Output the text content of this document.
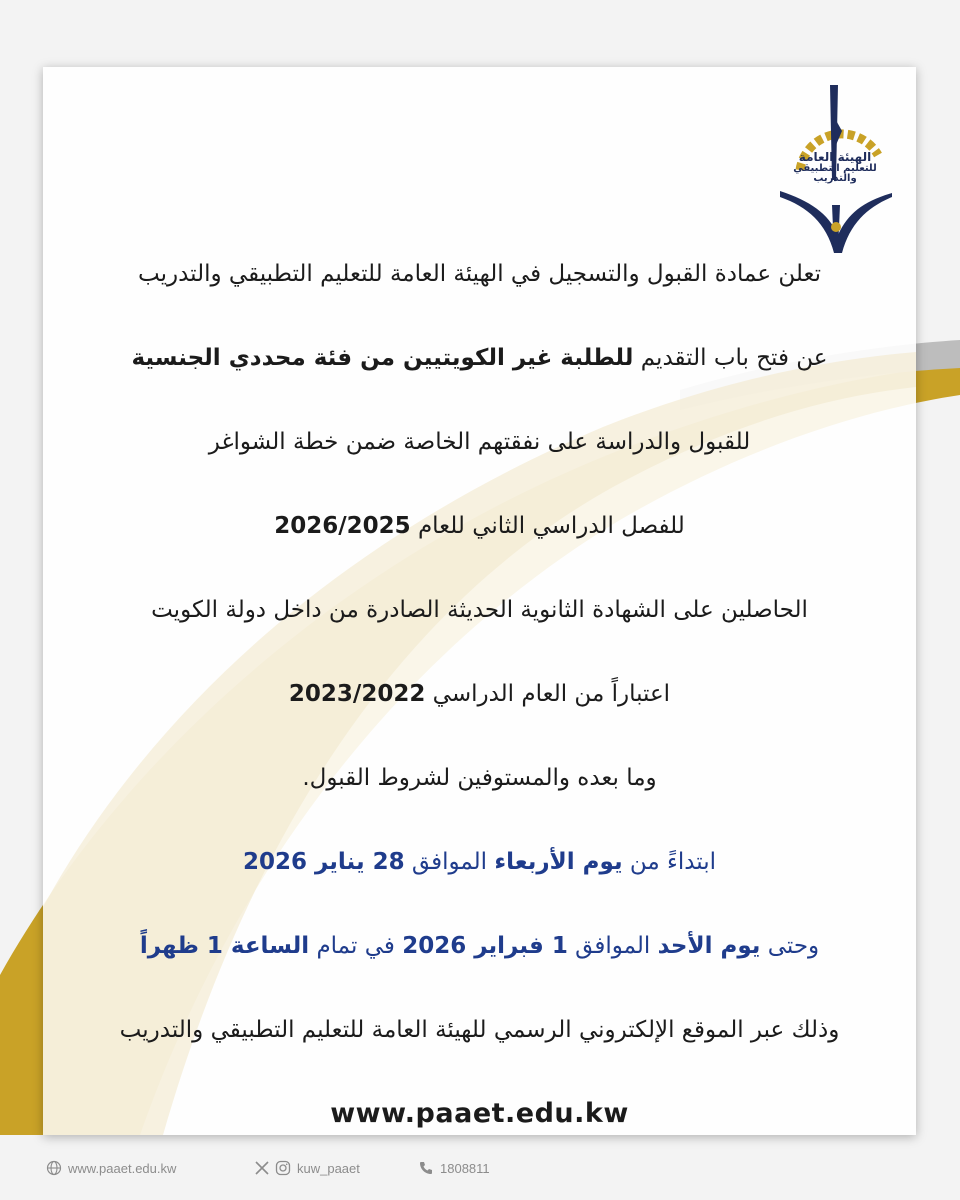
الهيئة العامة
للتعليم التطبيقي والتدريب
تعلن عمادة القبول والتسجيل في الهيئة العامة للتعليم التطبيقي والتدريب
عن فتح باب التقديم للطلبة غير الكويتيين من فئة محددي الجنسية
للقبول والدراسة على نفقتهم الخاصة ضمن خطة الشواغر
للفصل الدراسي الثاني للعام 2026/2025
الحاصلين على الشهادة الثانوية الحديثة الصادرة من داخل دولة الكويت
اعتباراً من العام الدراسي 2023/2022
وما بعده والمستوفين لشروط القبول.
ابتداءً من يوم الأربعاء الموافق 28 يناير 2026
وحتى يوم الأحد الموافق 1 فبراير 2026 في تمام الساعة 1 ظهراً
وذلك عبر الموقع الإلكتروني الرسمي للهيئة العامة للتعليم التطبيقي والتدريب
www.paaet.edu.kw
www.paaet.edu.kw	kuw_paaet	1808811
